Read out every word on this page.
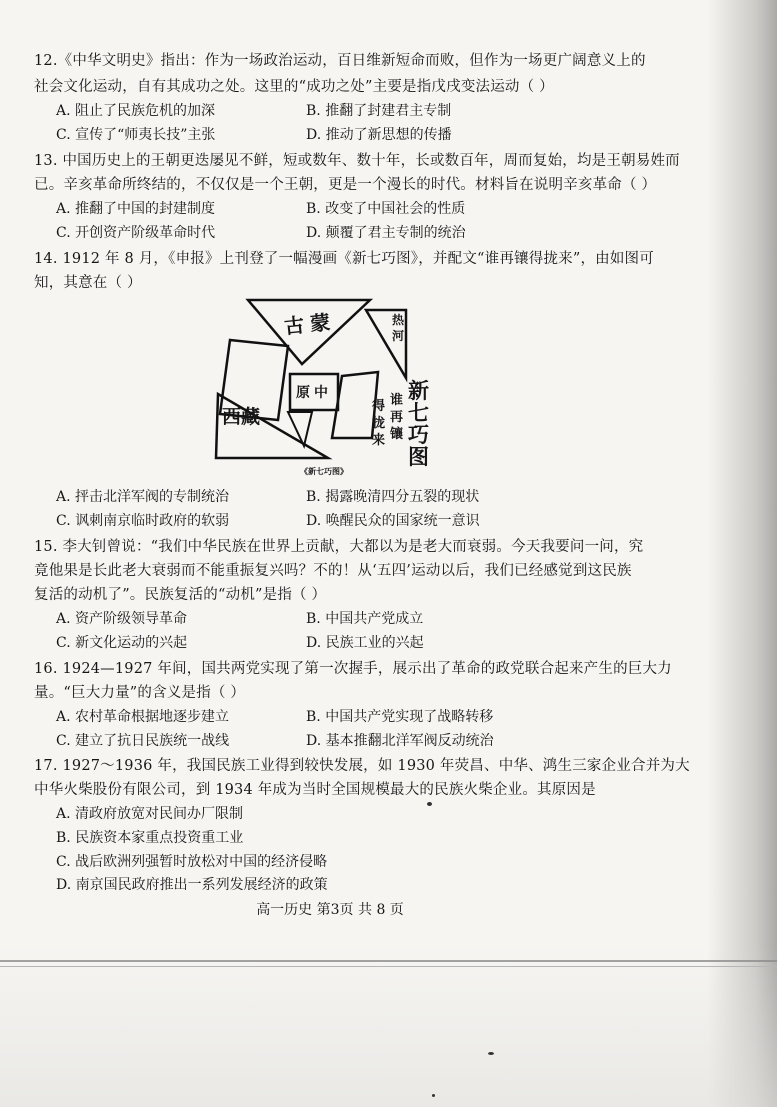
12.《中华文明史》指出：作为一场政治运动，百日维新短命而败，但作为一场更广阔意义上的
社会文化运动，自有其成功之处。这里的“成功之处”主要是指戊戌变法运动（ ）
A. 阻止了民族危机的加深	B. 推翻了封建君主专制
C. 宣传了“师夷长技”主张	D. 推动了新思想的传播
13. 中国历史上的王朝更迭屡见不鲜，短或数年、数十年，长或数百年，周而复始，均是王朝易姓而
已。辛亥革命所终结的，不仅仅是一个王朝，更是一个漫长的时代。材料旨在说明辛亥革命（ ）
A. 推翻了中国的封建制度	B. 改变了中国社会的性质
C. 开创资产阶级革命时代	D. 颠覆了君主专制的统治
14. 1912 年 8 月，《申报》上刊登了一幅漫画《新七巧图》，并配文“谁再镶得拢来”，由如图可
知，其意在（ ）
古蒙	热河
原中
西藏
新七巧图
谁再镶
得拢来
《新七巧图》
A. 抨击北洋军阀的专制统治	B. 揭露晚清四分五裂的现状
C. 讽刺南京临时政府的软弱	D. 唤醒民众的国家统一意识
15. 李大钊曾说：“我们中华民族在世界上贡献，大都以为是老大而衰弱。今天我要问一问，究
竟他果是长此老大衰弱而不能重振复兴吗？不的！从‘五四’运动以后，我们已经感觉到这民族
复活的动机了”。民族复活的“动机”是指（ ）
A. 资产阶级领导革命	B. 中国共产党成立
C. 新文化运动的兴起	D. 民族工业的兴起
16. 1924—1927 年间，国共两党实现了第一次握手，展示出了革命的政党联合起来产生的巨大力
量。“巨大力量”的含义是指（ ）
A. 农村革命根据地逐步建立	B. 中国共产党实现了战略转移
C. 建立了抗日民族统一战线	D. 基本推翻北洋军阀反动统治
17. 1927～1936 年，我国民族工业得到较快发展，如 1930 年荧昌、中华、鸿生三家企业合并为大
中华火柴股份有限公司，到 1934 年成为当时全国规模最大的民族火柴企业。其原因是
A. 清政府放宽对民间办厂限制
B. 民族资本家重点投资重工业
C. 战后欧洲列强暂时放松对中国的经济侵略
D. 南京国民政府推出一系列发展经济的政策
高一历史 第3页 共 8 页
